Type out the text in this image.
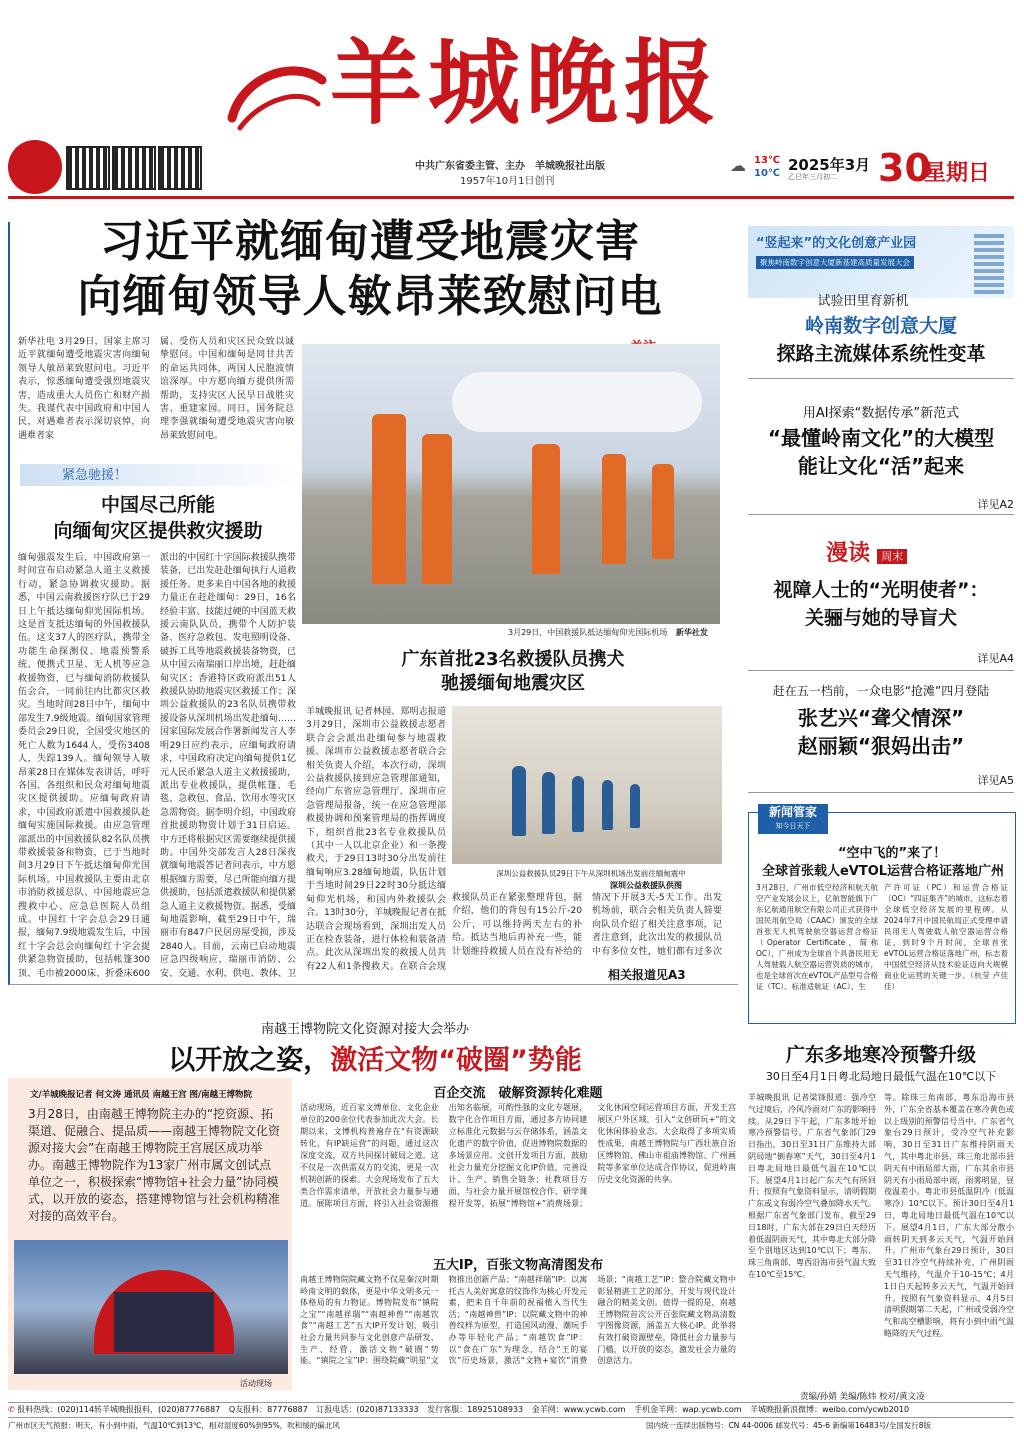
羊城晚报
中共广东省委主管、主办　羊城晚报社出版
1957年10月1日创刊
☁ 13℃
10℃ 2025年3月
乙巳年三月初二 30
星期日
习近平就缅甸遭受地震灾害
向缅甸领导人敏昂莱致慰问电
新华社电 3月29日，国家主席习近平就缅甸遭受地震灾害向缅甸领导人敏昂莱致慰问电。习近平表示，惊悉缅甸遭受强烈地震灾害，造成重大人员伤亡和财产损失。我谨代表中国政府和中国人民，对遇难者表示深切哀悼，向遇难者家
属、受伤人员和灾区民众致以诚挚慰问。中国和缅甸是同甘共苦的命运共同体，两国人民胞波情谊深厚。中方愿向缅方提供所需帮助，支持灾区人民早日战胜灾害、重建家园。同日，国务院总理李强就缅甸遭受地震灾害向敏昂莱致慰问电。
3月29日，中国救援队抵达缅甸仰光国际机场 新华社发
紧急驰援！
中国尽己所能
向缅甸灾区提供救灾援助
缅甸强震发生后，中国政府第一时间宣布启动紧急人道主义救援行动，紧急协调救灾援助。据悉，中国云南救援医疗队已于29日上午抵达缅甸仰光国际机场。这是首支抵达缅甸的外国救援队伍。这支37人的医疗队，携带全功能生命探测仪、地震预警系统、便携式卫星、无人机等应急救援物资，已与缅甸消防救援队伍会合，一同前往内比都灾区救灾。当地时间28日中午，缅甸中部发生7.9级地震。缅甸国家管理委员会29日说，全国受灾地区的死亡人数为1644人，受伤3408人，失踪139人。缅甸领导人敏昂莱28日在媒体发表讲话，呼吁各国、各组织和民众对缅甸地震灾区提供援助。应缅甸政府请求，中国政府派遣中国救援队赴缅甸实施国际救援。由应急管理部派出的中国救援队82名队员携带救援装备和物资，已于当地时间3月29日下午抵达缅甸仰光国际机场。中国救援队主要由北京市消防救援总队、中国地震应急搜救中心、应急总医院人员组成。中国红十字会总会29日通报，缅甸7.9级地震发生后，中国红十字会总会向缅甸红十字会提供紧急物资援助，包括帐篷300顶、毛巾被2000床、折叠床600
派出的中国红十字国际救援队携带装备，已出发赶赴缅甸执行人道救援任务。更多来自中国各地的救援力量正在赶赴缅甸：29日，16名经验丰富、技能过硬的中国蓝天救援云南队队员，携带个人防护装备、医疗急救包、发电照明设备、破拆工具等地震救援装备物资，已从中国云南瑞丽口岸出境，赶赴缅甸灾区；香港特区政府派出51人救援队协助地震灾区救援工作；深圳公益救援队的23名队员携带救援设备从深圳机场出发赴缅甸……国家国际发展合作署新闻发言人李明29日应约表示，应缅甸政府请求，中国政府决定向缅甸提供1亿元人民币紧急人道主义救援援助，派出专业救援队，提供帐篷、毛毯、急救包、食品、饮用水等灾区急需物资。据李明介绍，中国政府首批援助物资计划于31日启运。中方还将根据灾区需要继续提供援助。中国外交部发言人28日深夜就缅甸地震答记者问表示，中方愿根据缅方需要，尽己所能向缅方提供援助，包括派遣救援队和提供紧急人道主义救援物资。据悉，受缅甸地震影响，截至29日中午，瑞丽市有847户民居房屋受损，涉及2840人。目前，云南已启动地震应急四级响应，瑞丽市消防、公安、交通、水利、供电、教体、卫
广东首批23名救援队员携犬
驰援缅甸地震灾区
羊城晚报讯 记者林园、郑明志报道 3月29日，深圳市公益救援志愿者联合会会派出赴缅甸参与地震救援。深圳市公益救援志愿者联合会相关负责人介绍，本次行动，深圳公益救援队接到应急管理部通知，经向广东省应急管理厅、深圳市应急管理局报备，统一在应急管理部救援协调和预案管理局的指挥调度下，组织首批23名专业救援队员（其中一人以北京企业）和一条搜救犬，于29日13时30分出发前往缅甸响应3.28缅甸地震，队伍计划于当地时间29日22时30分抵达缅甸仰光机场，和国内外救援队会合。13时30分，羊城晚报记者在抵达联合会现场看到，深圳出发人员正在检查装备，进行体检和装备清点。此次从深圳出发的救援人员共有22人和1条搜救犬。在联合会现
深圳公益救援队员29日下午从深圳机场出发前往缅甸震中
深圳公益救援队供图
救援队员正在紧张整理背包，据介绍，他们的背包有15公斤-20公斤，可以维持两天左右的补给。抵达当地后再补充一些，能计划维持救援人员在没有补给的情况下开展3天-5天工作。出发机场前，联合会相关负责人简要向队员介绍了相关注意事项，记者注意到，此次出发的救援队员中有多位女性，她们都有过多次
相关报道见A3
“竖起来”的文化创意产业园
聚焦岭南数字创意大厦新基建高质量发展大会
试验田里育新机
岭南数字创意大厦
探路主流媒体系统性变革
用AI探索“数据传承”新范式
“最懂岭南文化”的大模型
能让文化“活”起来
详见A2
漫读 周末
视障人士的“光明使者”：
关骊与她的导盲犬
详见A4
赶在五一档前，一众电影“抢滩”四月登陆
张艺兴“聋父情深”
赵丽颖“狠妈出击”
详见A5
新闻管家
知今日天下
“空中飞的”来了！
全球首张载人eVTOL运营合格证落地广州
3月28日，广州市低空经济和航天航空产业发展会议上，亿航智能旗下广东亿航通用航空有限公司正式获得中国民用航空局（CAAC）颁发的全球首张无人机驾驶航空器运营合格证（Operator Certificate，简称OC），广州成为全球首个具备民用无人驾驶载人航空器运营资质的城市，也是全球首次在eVTOL产品型号合格证（TC）、标准适航证（AC）、生
产许可证（PC）和运营合格证（OC）“四证集齐”的城市，这标志着全球低空经济发展的里程碑。从2024年7月中国民航局正式受理申请民用无人驾驶载人航空器运营合格证，到时9个月时间，全球首张eVTOL运营合格证落地广州，标志着中国低空经济从技术验证迈向大规模商业化运营的关键一步。（杭莹 卢佳佳）
南越王博物院文化资源对接大会举办
以开放之姿，激活文物“破圈”势能
文/羊城晚报记者 何文涛 通讯员 南越王宫 图/南越王博物院
3月28日，由南越王博物院主办的“挖资源、拓渠道、促融合、提品质——南越王博物院文化资源对接大会”在南越王博物院王宫展区成功举办。南越王博物院作为13家广州市属文创试点单位之一，积极探索“博物馆+社会力量”协同模式，以开放的姿态，搭建博物馆与社会机构精准对接的高效平台。
活动现场
百企交流　破解资源转化难题
活动现场，近百家文博单位、文化企业单位的200余位代表参加此次大会。长期以来，文博机构普遍存在“有资源缺转化，有IP缺运营”的问题，通过这次深度交流，双方共同探讨破局之道。这不仅是一次供需双方的交流，更是一次机制创新的探索。大会现场发布了五大类合作需求清单，开放社会力量参与通道。展陈项目方面，将引入社会资源推出知名临展，可酌性强的文化专题展，数字化合作项目方面，通过多方协同建立标准化元数据与云存储体系，涵盖文化遗产的数字价值，促进博物院数据的多场景应用。文创开发项目方面，鼓励社会力量充分挖掘文化IP价值，完善设计、生产、销售全链条；社教项目方面，与社会力量开展馆校合作、研学课程开发等，拓展“博物馆+”消费场景；文化休闲空间运营项目方面，开发王宫展区户外区域，引入“文创研玩+”的文化休闲体验业态。大会取得了多项实质性成果，南越王博物院与广西壮族自治区博物馆、佛山市祖庙博物馆、广州画院等多家单位达成合作协议，促进岭南历史文化资源的共享。
五大IP，百张文物高清图发布
南越王博物院院藏文物不仅是秦汉时期岭南文明的载体，更是中华文明多元一体格局的有力物证。博物院发布“镇院之宝”“南越祥瑞”“南越神兽”“南越饮食”“南越工艺”五大IP开发计划，吸引社会力量共同参与文化创意产品研发、生产、经营，激活文物“破圈”势能。“镇院之宝”IP：围绕院藏“明星”文物推出创新产品；“南越祥瑞”IP：以寓托古人美好寓意的纹饰作为核心开发元素，把来自千年前的祝福植入当代生活；“南越神兽”IP：以院藏文物中的神兽纹样为原型，打造国风动漫、潮玩手办等年轻化产品；“南越饮食”IP：以“食在广东”为理念，结合“王的宴饮”历史场景，激活“文物+宴饮”消费场景；“南越工艺”IP：整合院藏文物中彰显精湛工艺的部分，开发与现代设计融合的精美文创。值得一提的是，南越王博物院首次公开百张院藏文物高清数字图像资源，涵盖五大核心IP。此举将有效打破资源壁垒，降低社会力量参与门槛，以开放的姿态，激发社会力量的创意活力。
广东多地寒冷预警升级
30日至4月1日粤北局地日最低气温在10℃以下
羊城晚报讯 记者梁锋报道：强冷空气过境后，冷风冷雨对广东的影响持续。从29日下午起，广东多地开始寒冷预警信号。广东省气象部门29日指出，30日至31日广东维持大部阴局地“倒春寒”天气，30日至4月1日粤北局地日最低气温在10℃以下。展望4月1日起广东天气有所回升；按照有气象资料显示，清明假期广东或文有弱冷空气叠加降水天气。根据广东省气象部门发布，截至29日18时，广东大部在29日白天经历着低温阴雨天气，其中粤北大部分降至个别地区达到10℃以下；粤东、珠三角南部、粤西沿海市县气温大致在10℃至15℃。
等。除珠三角南部、粤东沿海市县外，广东全省基本覆盖在寒冷黄色或以上级别的预警信号当中。广东省气象台29日预计，受冷空气补充影响，30日至31日广东维持阴雨天气，其中粤北市县，珠三角北部市县阴天有中雨局部大雨，广东其余市县阴天有小雨局部中雨，雨雾明显，昼夜温差小。粤北市县低温阴冷（低温寒冷）10℃以下。预计30日至4月1日，粤北局地日最低气温在10℃以下。展望4月1日，广东大部分散小雨转阴天到多云天气，气温开始回升。广州市气象台29日预计，30日至31日冷空气持续补充，广州阴雨天气维持，气温介于10-15℃；4月1日白天起转多云天气，气温开始回升。按照有气象资料显示，4月5日清明假期第二天起，广州或受弱冷空气和高空槽影响，将有小到中雨气温略降的天气过程。
责编/孙婧 美编/陈炜 校对/黄文凌
✆ 报料热线：(020)114转羊城晚报报料，(020)87776887 Q友报料：87776887 订报电话：(020)87133333 发行客服：18925108933 金羊网：www.ycwb.com 手机金羊网：wap.ycwb.com 羊城晚报新浪微博：weibo.com/ycwb2010
广州市区天气预报：明天，有小到中雨，气温10℃到13℃，相对湿度60%到95%，吹和缓的偏北风	国内统一连续出版物号：CN 44-0006 邮发代号：45-6 新编第16483号/全国发行8版
